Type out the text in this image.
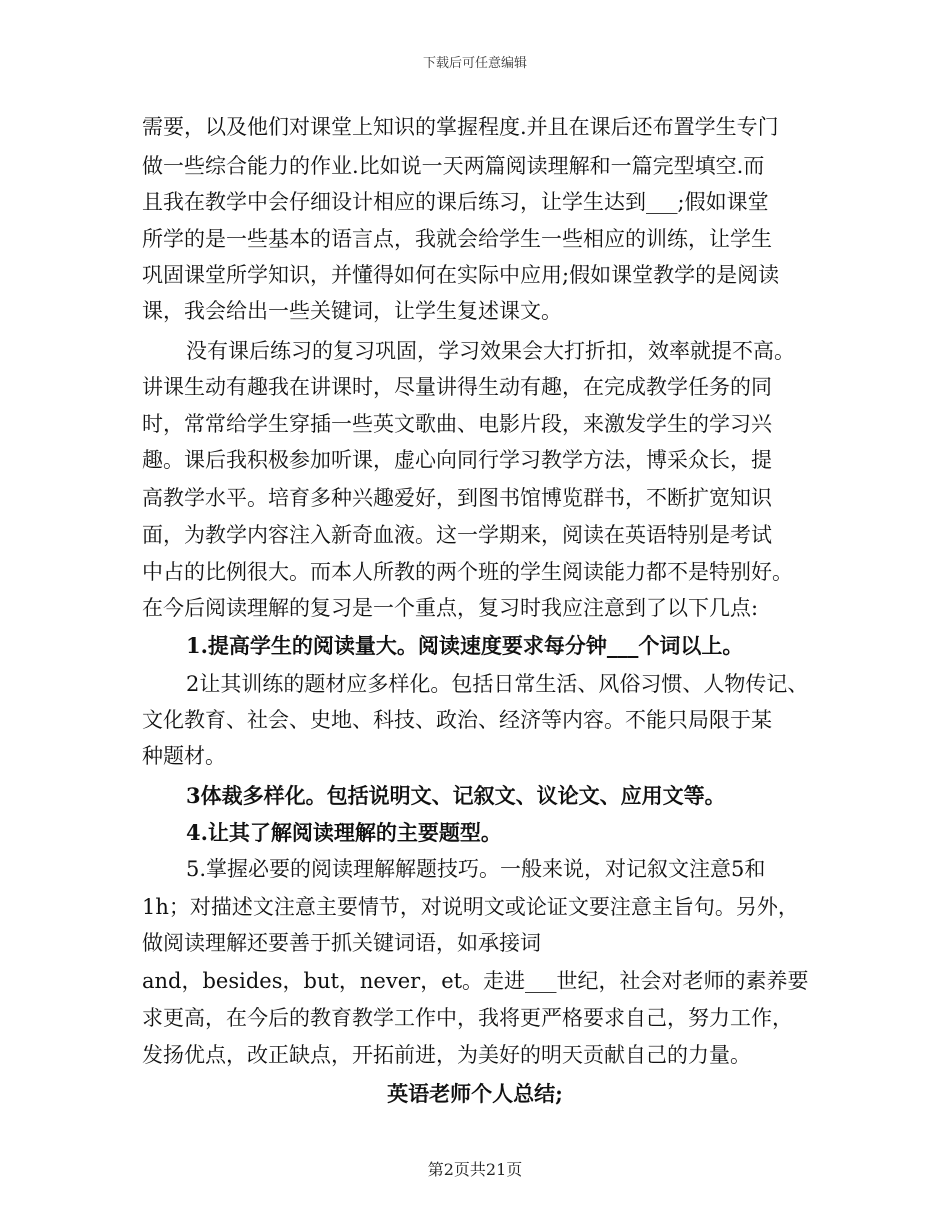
下载后可任意编辑
需要，以及他们对课堂上知识的掌握程度.并且在课后还布置学生专门
做一些综合能力的作业.比如说一天两篇阅读理解和一篇完型填空.而
且我在教学中会仔细设计相应的课后练习，让学生达到___;假如课堂
所学的是一些基本的语言点，我就会给学生一些相应的训练，让学生
巩固课堂所学知识，并懂得如何在实际中应用;假如课堂教学的是阅读
课，我会给出一些关键词，让学生复述课文。
没有课后练习的复习巩固，学习效果会大打折扣，效率就提不高。
讲课生动有趣我在讲课时，尽量讲得生动有趣，在完成教学任务的同
时，常常给学生穿插一些英文歌曲、电影片段，来激发学生的学习兴
趣。课后我积极参加听课，虚心向同行学习教学方法，博采众长，提
高教学水平。培育多种兴趣爱好，到图书馆博览群书，不断扩宽知识
面，为教学内容注入新奇血液。这一学期来，阅读在英语特别是考试
中占的比例很大。而本人所教的两个班的学生阅读能力都不是特别好。
在今后阅读理解的复习是一个重点，复习时我应注意到了以下几点:
1.提高学生的阅读量大。阅读速度要求每分钟___个词以上。
2让其训练的题材应多样化。包括日常生活、风俗习惯、人物传记、
文化教育、社会、史地、科技、政治、经济等内容。不能只局限于某
种题材。
3体裁多样化。包括说明文、记叙文、议论文、应用文等。
4.让其了解阅读理解的主要题型。
5.掌握必要的阅读理解解题技巧。一般来说，对记叙文注意5和
1h；对描述文注意主要情节，对说明文或论证文要注意主旨句。另外，
做阅读理解还要善于抓关键词语，如承接词
and，besides，but，never，et。走进___世纪，社会对老师的素养要
求更高，在今后的教育教学工作中，我将更严格要求自己，努力工作，
发扬优点，改正缺点，开拓前进，为美好的明天贡献自己的力量。
英语老师个人总结;
第2页共21页
